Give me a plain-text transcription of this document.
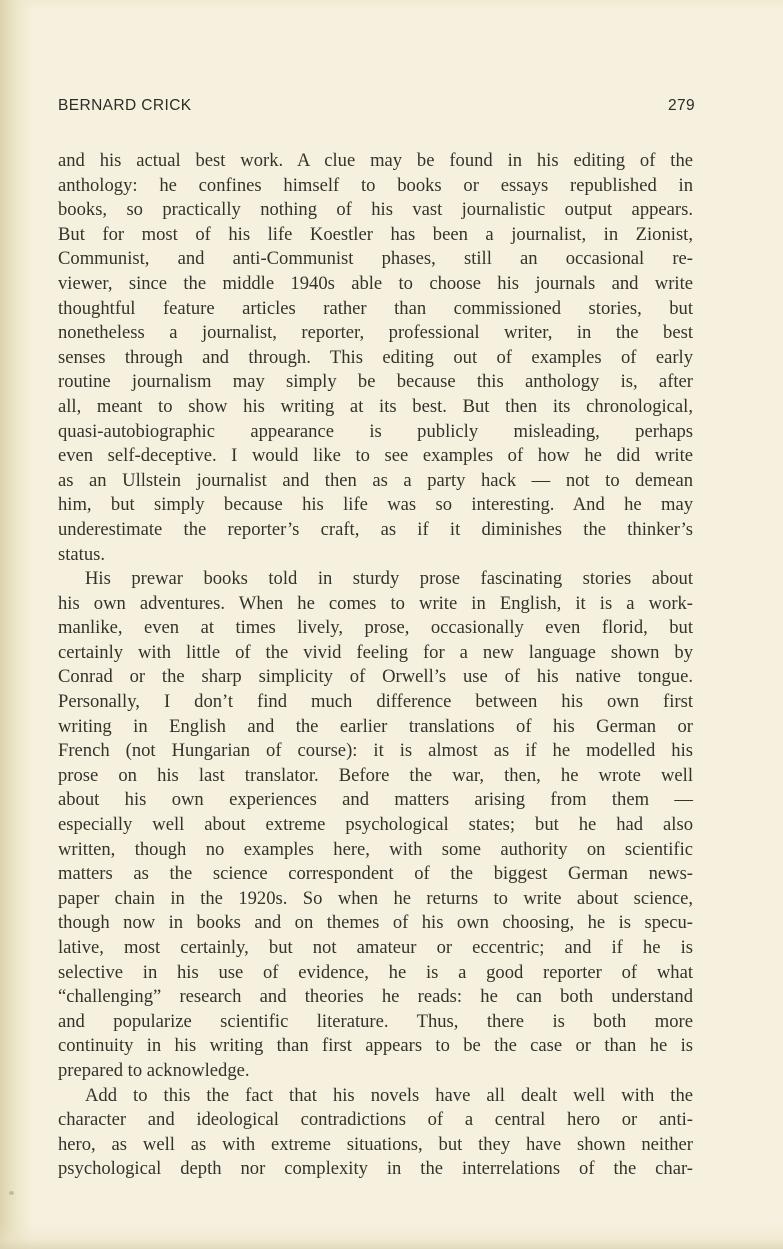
BERNARD CRICK	279
and his actual best work. A clue may be found in his editing of the
anthology: he confines himself to books or essays republished in
books, so practically nothing of his vast journalistic output appears.
But for most of his life Koestler has been a journalist, in Zionist,
Communist, and anti-Communist phases, still an occasional re-
viewer, since the middle 1940s able to choose his journals and write
thoughtful feature articles rather than commissioned stories, but
nonetheless a journalist, reporter, professional writer, in the best
senses through and through. This editing out of examples of early
routine journalism may simply be because this anthology is, after
all, meant to show his writing at its best. But then its chronological,
quasi-autobiographic appearance is publicly misleading, perhaps
even self-deceptive. I would like to see examples of how he did write
as an Ullstein journalist and then as a party hack — not to demean
him, but simply because his life was so interesting. And he may
underestimate the reporter’s craft, as if it diminishes the thinker’s
status.
His prewar books told in sturdy prose fascinating stories about
his own adventures. When he comes to write in English, it is a work-
manlike, even at times lively, prose, occasionally even florid, but
certainly with little of the vivid feeling for a new language shown by
Conrad or the sharp simplicity of Orwell’s use of his native tongue.
Personally, I don’t find much difference between his own first
writing in English and the earlier translations of his German or
French (not Hungarian of course): it is almost as if he modelled his
prose on his last translator. Before the war, then, he wrote well
about his own experiences and matters arising from them —
especially well about extreme psychological states; but he had also
written, though no examples here, with some authority on scientific
matters as the science correspondent of the biggest German news-
paper chain in the 1920s. So when he returns to write about science,
though now in books and on themes of his own choosing, he is specu-
lative, most certainly, but not amateur or eccentric; and if he is
selective in his use of evidence, he is a good reporter of what
“challenging” research and theories he reads: he can both understand
and popularize scientific literature. Thus, there is both more
continuity in his writing than first appears to be the case or than he is
prepared to acknowledge.
Add to this the fact that his novels have all dealt well with the
character and ideological contradictions of a central hero or anti-
hero, as well as with extreme situations, but they have shown neither
psychological depth nor complexity in the interrelations of the char-
